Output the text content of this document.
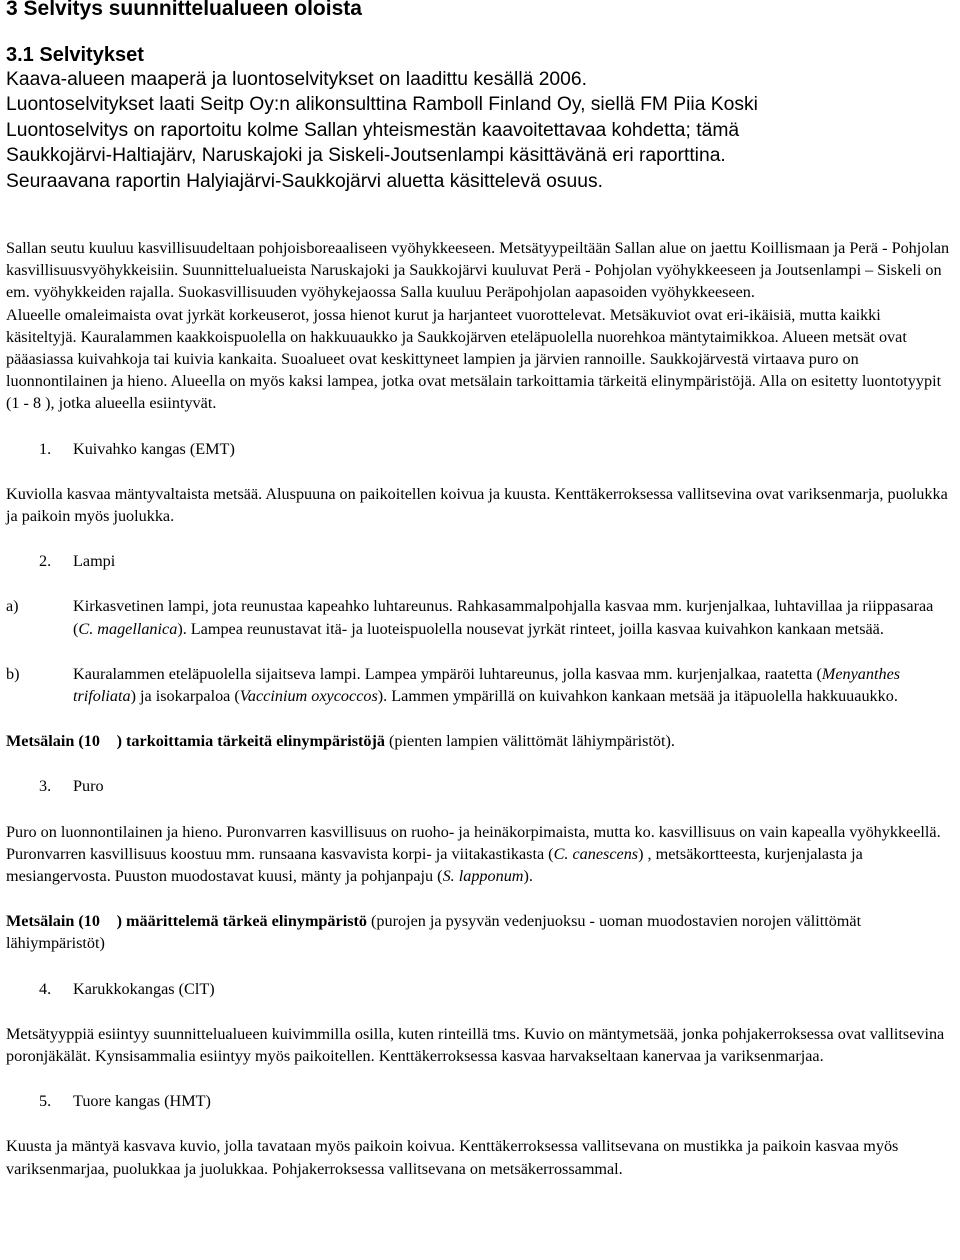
3 Selvitys suunnittelualueen oloista
3.1 Selvitykset
Kaava-alueen maaperä ja luontoselvitykset on laadittu kesällä 2006.
Luontoselvitykset laati Seitp Oy:n alikonsulttina Ramboll Finland Oy, siellä FM Piia Koski
Luontoselvitys on raportoitu kolme Sallan yhteismestän kaavoitettavaa kohdetta; tämä
Saukkojärvi-Haltiajärv, Naruskajoki ja Siskeli-Joutsenlampi käsittävänä eri raporttina.
Seuraavana raportin Halyiajärvi-Saukkojärvi aluetta käsittelevä osuus.

Sallan seutu kuuluu kasvillisuudeltaan pohjoisboreaaliseen vyöhykkeeseen. Metsätyypeiltään Sallan alue on jaettu Koillismaan ja Perä - Pohjolan kasvillisuusvyöhykkeisiin. Suunnittelualueista Naruskajoki ja Saukkojärvi kuuluvat Perä - Pohjolan vyöhykkeeseen ja Joutsenlampi – Siskeli on em. vyöhykkeiden rajalla. Suokasvillisuuden vyöhykejaossa Salla kuuluu Peräpohjolan aapasoiden vyöhykkeeseen.

Alueelle omaleimaista ovat jyrkät korkeuserot, jossa hienot kurut ja harjanteet vuorottelevat. Metsäkuviot ovat eri-ikäisiä, mutta kaikki käsiteltyjä. Kauralammen kaakkoispuolella on hakkuuaukko ja Saukkojärven eteläpuolella nuorehkoa mäntytaimikkoa. Alueen metsät ovat pääasiassa kuivahkoja tai kuivia kankaita. Suoalueet ovat keskittyneet lampien ja järvien rannoille. Saukkojärvestä virtaava puro on luonnontilainen ja hieno. Alueella on myös kaksi lampea, jotka ovat metsälain tarkoittamia tärkeitä elinympäristöjä. Alla on esitetty luontotyypit (1 - 8 ), jotka alueella esiintyvät.

1. Kuivahko kangas (EMT)

Kuviolla kasvaa mäntyvaltaista metsää. Aluspuuna on paikoitellen koivua ja kuusta. Kenttäkerroksessa vallitsevina ovat variksenmarja, puolukka ja paikoin myös juolukka.

2. Lampi

a)	Kirkasvetinen lampi, jota reunustaa kapeahko luhtareunus. Rahkasammalpohjalla kasvaa mm. kurjenjalkaa, luhtavillaa ja riippasaraa (C. magellanica). Lampea reunustavat itä- ja luoteispuolella nousevat jyrkät rinteet, joilla kasvaa kuivahkon kankaan metsää.

b)	Kauralammen eteläpuolella sijaitseva lampi. Lampea ympäröi luhtareunus, jolla kasvaa mm. kurjenjalkaa, raatetta (Menyanthes trifoliata) ja isokarpaloa (Vaccinium oxycoccos). Lammen ympärillä on kuivahkon kankaan metsää ja itäpuolella hakkuuaukko.

Metsälain (10 ) tarkoittamia tärkeitä elinympäristöjä (pienten lampien välittömät lähiympäristöt).

3. Puro

Puro on luonnontilainen ja hieno. Puronvarren kasvillisuus on ruoho- ja heinäkorpimaista, mutta ko. kasvillisuus on vain kapealla vyöhykkeellä. Puronvarren kasvillisuus koostuu mm. runsaana kasvavista korpi- ja viitakastikasta (C. canescens) , metsäkortteesta, kurjenjalasta ja mesiangervosta. Puuston muodostavat kuusi, mänty ja pohjanpaju (S. lapponum).

Metsälain (10 ) määrittelemä tärkeä elinympäristö (purojen ja pysyvän vedenjuoksu - uoman muodostavien norojen välittömät lähiympäristöt)

4. Karukkokangas (ClT)

Metsätyyppiä esiintyy suunnittelualueen kuivimmilla osilla, kuten rinteillä tms. Kuvio on mäntymetsää, jonka pohjakerroksessa ovat vallitsevina poronjäkälät. Kynsisammalia esiintyy myös paikoitellen. Kenttäkerroksessa kasvaa harvakseltaan kanervaa ja variksenmarjaa.

5. Tuore kangas (HMT)

Kuusta ja mäntyä kasvava kuvio, jolla tavataan myös paikoin koivua. Kenttäkerroksessa vallitsevana on mustikka ja paikoin kasvaa myös variksenmarjaa, puolukkaa ja juolukkaa. Pohjakerroksessa vallitsevana on metsäkerrossammal.
